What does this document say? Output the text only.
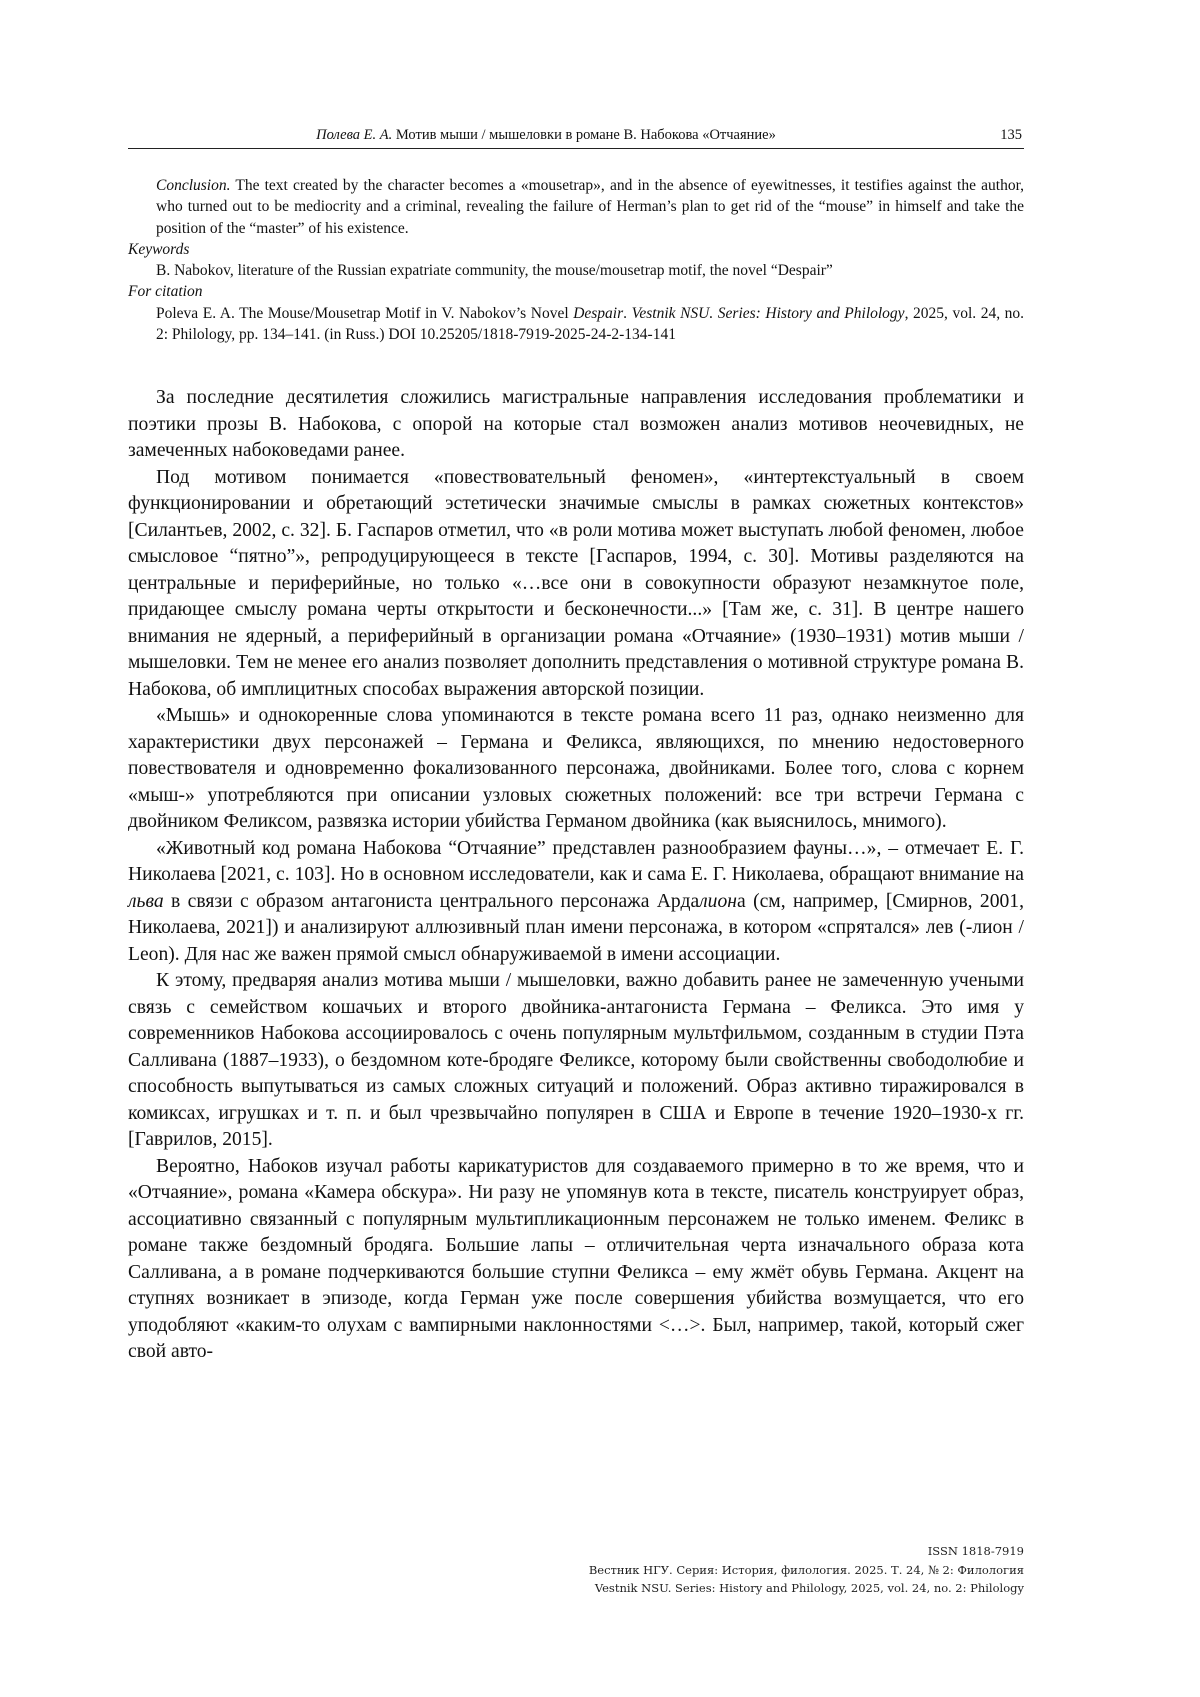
Полева Е. А. Мотив мыши / мышеловки в романе В. Набокова «Отчаяние»	135

Conclusion. The text created by the character becomes a «mousetrap», and in the absence of eyewitnesses, it testifies against the author, who turned out to be mediocrity and a criminal, revealing the failure of Herman’s plan to get rid of the “mouse” in himself and take the position of the “master” of his existence.

Keywords

B. Nabokov, literature of the Russian expatriate community, the mouse/mousetrap motif, the novel “Despair”

For citation

Poleva E. A. The Mouse/Mousetrap Motif in V. Nabokov’s Novel Despair. Vestnik NSU. Series: History and Philology, 2025, vol. 24, no. 2: Philology, pp. 134–141. (in Russ.) DOI 10.25205/1818-7919-2025-24-2-134-141

За последние десятилетия сложились магистральные направления исследования проблематики и поэтики прозы В. Набокова, с опорой на которые стал возможен анализ мотивов неочевидных, не замеченных набоковедами ранее.

Под мотивом понимается «повествовательный феномен», «интертекстуальный в своем функционировании и обретающий эстетически значимые смыслы в рамках сюжетных контекстов» [Силантьев, 2002, с. 32]. Б. Гаспаров отметил, что «в роли мотива может выступать любой феномен, любое смысловое “пятно”», репродуцирующееся в тексте [Гаспаров, 1994, с. 30]. Мотивы разделяются на центральные и периферийные, но только «…все они в совокупности образуют незамкнутое поле, придающее смыслу романа черты открытости и бесконечности...» [Там же, с. 31]. В центре нашего внимания не ядерный, а периферийный в организации романа «Отчаяние» (1930–1931) мотив мыши / мышеловки. Тем не менее его анализ позволяет дополнить представления о мотивной структуре романа В. Набокова, об имплицитных способах выражения авторской позиции.

«Мышь» и однокоренные слова упоминаются в тексте романа всего 11 раз, однако неизменно для характеристики двух персонажей – Германа и Феликса, являющихся, по мнению недостоверного повествователя и одновременно фокализованного персонажа, двойниками. Более того, слова с корнем «мыш-» употребляются при описании узловых сюжетных положений: все три встречи Германа с двойником Феликсом, развязка истории убийства Германом двойника (как выяснилось, мнимого).

«Животный код романа Набокова “Отчаяние” представлен разнообразием фауны…», – отмечает Е. Г. Николаева [2021, с. 103]. Но в основном исследователи, как и сама Е. Г. Николаева, обращают внимание на льва в связи с образом антагониста центрального персонажа Ардалиона (см, например, [Смирнов, 2001, Николаева, 2021]) и анализируют аллюзивный план имени персонажа, в котором «спрятался» лев (-лион / Leon). Для нас же важен прямой смысл обнаруживаемой в имени ассоциации.

К этому, предваряя анализ мотива мыши / мышеловки, важно добавить ранее не замеченную учеными связь с семейством кошачьих и второго двойника-антагониста Германа – Феликса. Это имя у современников Набокова ассоциировалось с очень популярным мультфильмом, созданным в студии Пэта Салливана (1887–1933), о бездомном коте-бродяге Феликсе, которому были свойственны свободолюбие и способность выпутываться из самых сложных ситуаций и положений. Образ активно тиражировался в комиксах, игрушках и т. п. и был чрезвычайно популярен в США и Европе в течение 1920–1930-х гг. [Гаврилов, 2015].

Вероятно, Набоков изучал работы карикатуристов для создаваемого примерно в то же время, что и «Отчаяние», романа «Камера обскура». Ни разу не упомянув кота в тексте, писатель конструирует образ, ассоциативно связанный с популярным мультипликационным персонажем не только именем. Феликс в романе также бездомный бродяга. Большие лапы – отличительная черта изначального образа кота Салливана, а в романе подчеркиваются большие ступни Феликса – ему жмёт обувь Германа. Акцент на ступнях возникает в эпизоде, когда Герман уже после совершения убийства возмущается, что его уподобляют «каким-то олухам с вампирными наклонностями <…>. Был, например, такой, который сжег свой авто-

ISSN 1818-7919
Вестник НГУ. Серия: История, филология. 2025. Т. 24, № 2: Филология
Vestnik NSU. Series: History and Philology, 2025, vol. 24, no. 2: Philology
